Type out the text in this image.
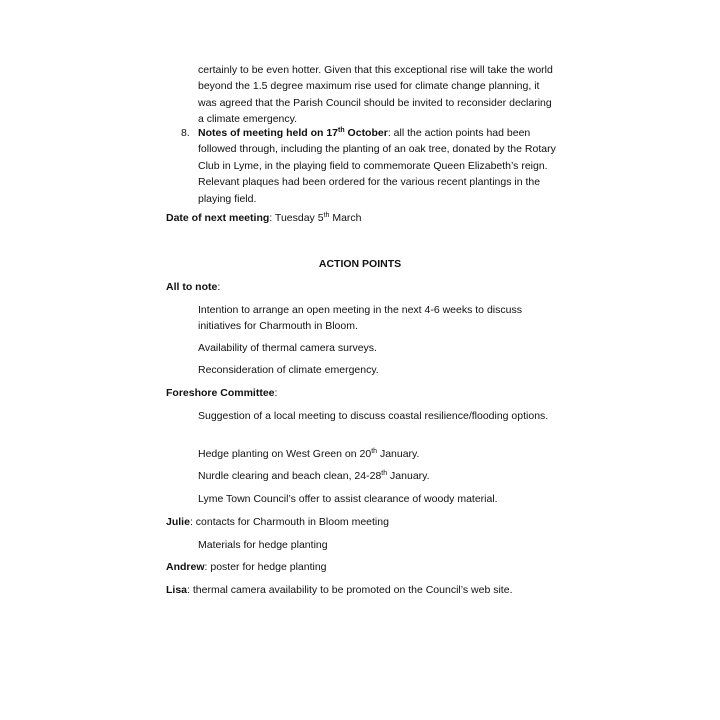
certainly to be even hotter. Given that this exceptional rise will take the world beyond the 1.5 degree maximum rise used for climate change planning, it was agreed that the Parish Council should be invited to reconsider declaring a climate emergency.

8. Notes of meeting held on 17th October: all the action points had been followed through, including the planting of an oak tree, donated by the Rotary Club in Lyme, in the playing field to commemorate Queen Elizabeth’s reign. Relevant plaques had been ordered for the various recent plantings in the playing field.

Date of next meeting: Tuesday 5th March

ACTION POINTS

All to note:

Intention to arrange an open meeting in the next 4-6 weeks to discuss initiatives for Charmouth in Bloom.

Availability of thermal camera surveys.

Reconsideration of climate emergency.

Foreshore Committee:

Suggestion of a local meeting to discuss coastal resilience/flooding options.

Hedge planting on West Green on 20th January.

Nurdle clearing and beach clean, 24-28th January.

Lyme Town Council’s offer to assist clearance of woody material.

Julie: contacts for Charmouth in Bloom meeting

Materials for hedge planting

Andrew: poster for hedge planting

Lisa: thermal camera availability to be promoted on the Council’s web site.
